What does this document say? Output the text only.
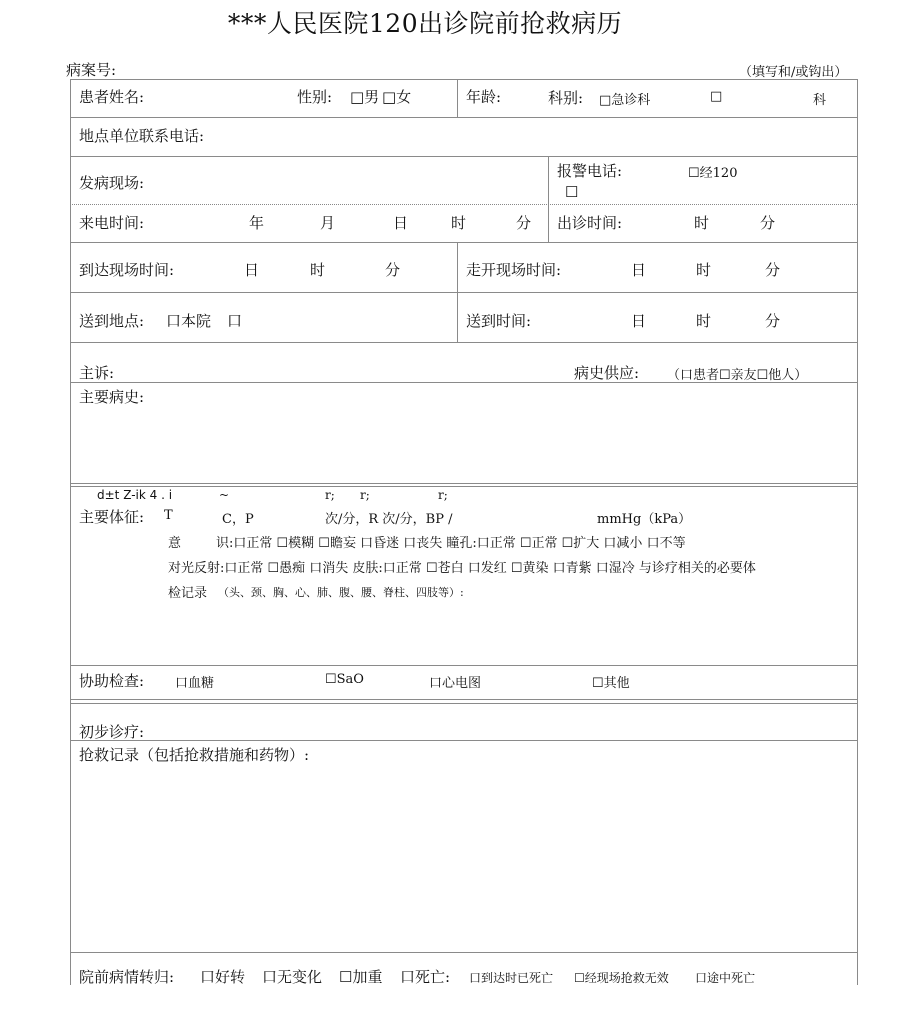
***人民医院120出诊院前抢救病历
病案号:	（填写和/或钩出）
患者姓名:	性别: □男 □女	年龄:	科别: □急诊科	□	科
地点单位联系电话:
发病现场:
报警电话:	☐经120
☐
来电时间:	年	月	日	时	分 出诊时间:	时	分
到达现场时间:	日	时	分	走开现场时间:	日	时	分
送到地点: 口本院 口	送到时间:	日	时	分
主诉:	病史供应: （口患者☐亲友☐他人）
主要病史:
d±t Z-ik 4 . i	~	r; r;	r;
主要体征: T	C，P	次/分，R 次/分，BP /	mmHg（kPa）
意	识:口正常 ☐模糊 ☐瞻妄 口昏迷 口丧失 瞳孔:口正常 ☐正常 ☐扩大 口减小 口不等
对光反射:口正常 ☐愚痴 口消失 皮肤:口正常 ☐苍白 口发红 ☐黄染 口青紫 口湿冷 与诊疗相关的必要体
检记录 （头、颈、胸、心、肺、腹、腰、脊柱、四肢等）:
协助检查: 口血糖	☐SaO	口心电图	☐其他
初步诊疗:
抢救记录（包括抢救措施和药物）:
院前病情转归: 口好转 口无变化 ☐加重 口死亡: 口到达时已死亡 ☐经现场抢救无效 口途中死亡
